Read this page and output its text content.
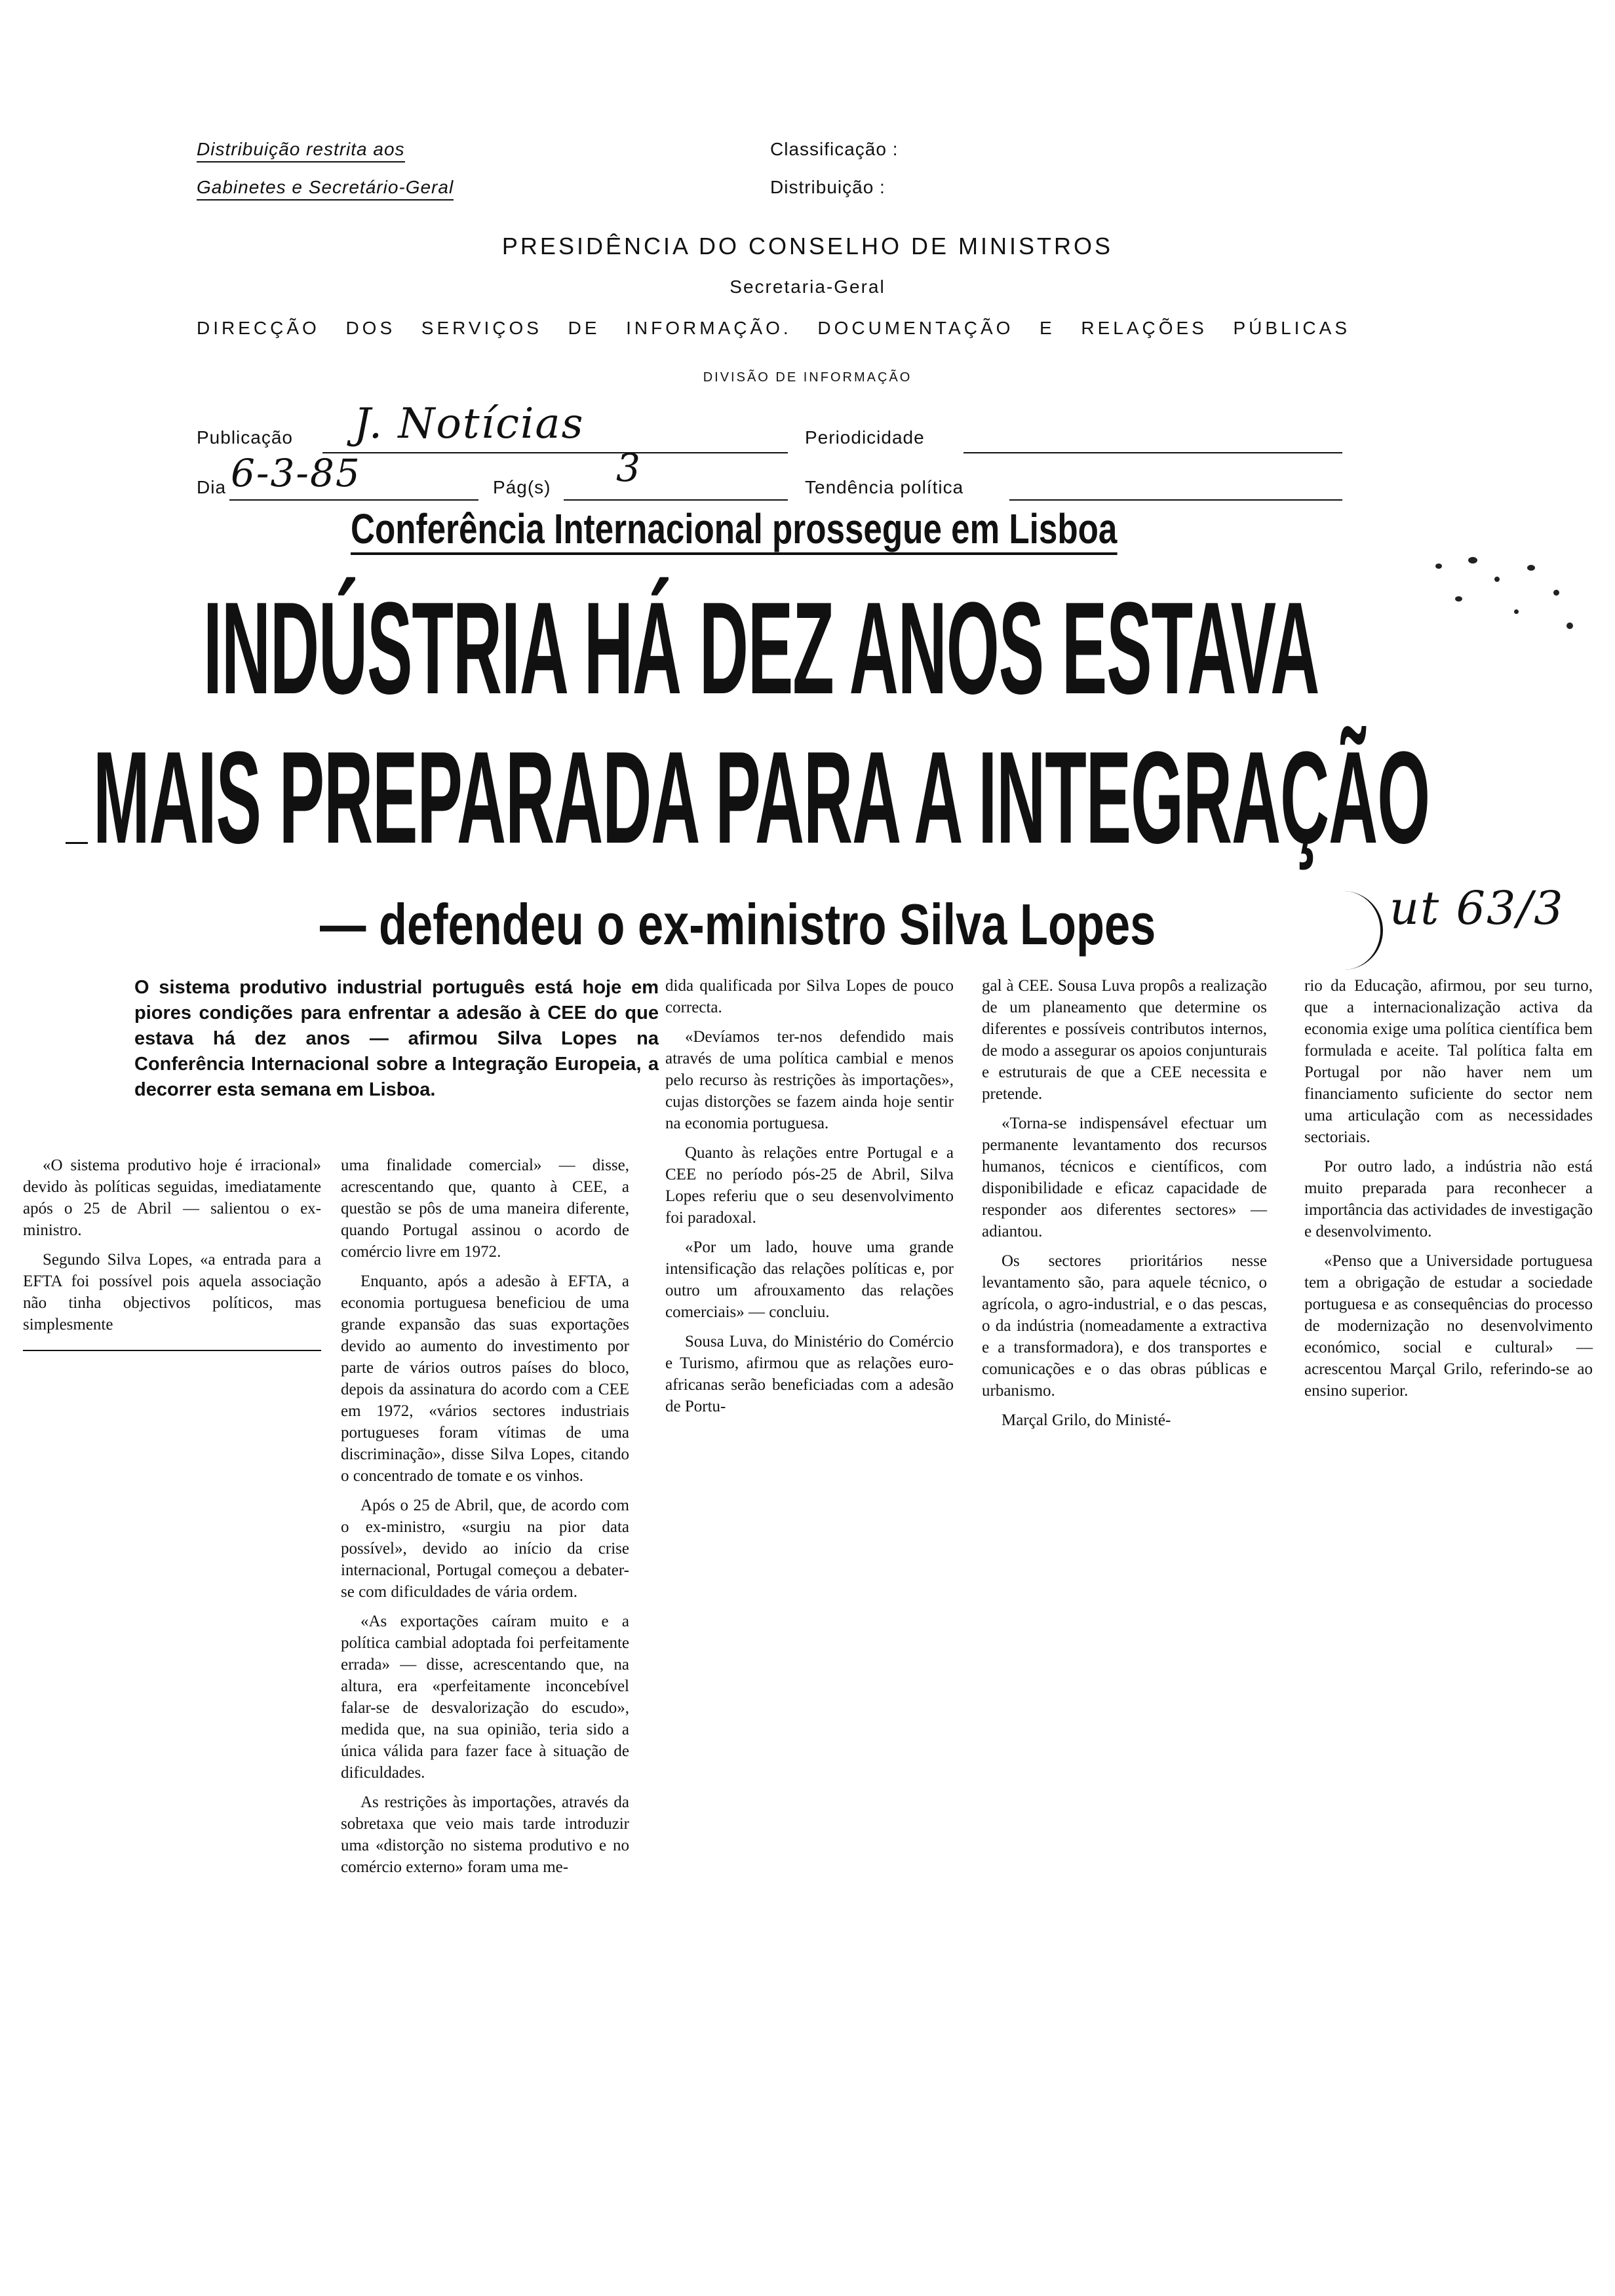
Distribuição restrita aos
Gabinetes e Secretário-Geral
Classificação :
Distribuição :
PRESIDÊNCIA DO CONSELHO DE MINISTROS
Secretaria-Geral
DIRECÇÃO DOS SERVIÇOS DE INFORMAÇÃO. DOCUMENTAÇÃO E RELAÇÕES PÚBLICAS
DIVISÃO DE INFORMAÇÃO
Publicação J. Notícias	Periodicidade
Dia 6-3-85	Pág(s) 3	Tendência política
Conferência Internacional prossegue em Lisboa
INDÚSTRIA HÁ DEZ ANOS ESTAVA
MAIS PREPARADA PARA A INTEGRAÇÃO
— defendeu o ex-ministro Silva Lopes	ut 63/3
O sistema produtivo industrial português está hoje em piores condições para enfrentar a adesão à CEE do que estava há dez anos — afirmou Silva Lopes na Conferência Internacional sobre a Integração Europeia, a decorrer esta semana em Lisboa.

«O sistema produtivo hoje é irracional» devido às políticas seguidas, imediatamente após o 25 de Abril — salientou o ex-ministro.

Segundo Silva Lopes, «a entrada para a EFTA foi possível pois aquela associação não tinha objectivos políticos, mas simplesmente

uma finalidade comercial» — disse, acrescentando que, quanto à CEE, a questão se pôs de uma maneira diferente, quando Portugal assinou o acordo de comércio livre em 1972.

Enquanto, após a adesão à EFTA, a economia portuguesa beneficiou de uma grande expansão das suas exportações devido ao aumento do investimento por parte de vários outros países do bloco, depois da assinatura do acordo com a CEE em 1972, «vários sectores industriais portugueses foram vítimas de uma discriminação», disse Silva Lopes, citando o concentrado de tomate e os vinhos.

Após o 25 de Abril, que, de acordo com o ex-ministro, «surgiu na pior data possível», devido ao início da crise internacional, Portugal começou a debater-se com dificuldades de vária ordem.

«As exportações caíram muito e a política cambial adoptada foi perfeitamente errada» — disse, acrescentando que, na altura, era «perfeitamente inconcebível falar-se de desvalorização do escudo», medida que, na sua opinião, teria sido a única válida para fazer face à situação de dificuldades.

As restrições às importações, através da sobretaxa que veio mais tarde introduzir uma «distorção no sistema produtivo e no comércio externo» foram uma me-

dida qualificada por Silva Lopes de pouco correcta.

«Devíamos ter-nos defendido mais através de uma política cambial e menos pelo recurso às restrições às importações», cujas distorções se fazem ainda hoje sentir na economia portuguesa.

Quanto às relações entre Portugal e a CEE no período pós-25 de Abril, Silva Lopes referiu que o seu desenvolvimento foi paradoxal.

«Por um lado, houve uma grande intensificação das relações políticas e, por outro um afrouxamento das relações comerciais» — concluiu.

Sousa Luva, do Ministério do Comércio e Turismo, afirmou que as relações euro-africanas serão beneficiadas com a adesão de Portu-

gal à CEE. Sousa Luva propôs a realização de um planeamento que determine os diferentes e possíveis contributos internos, de modo a assegurar os apoios conjunturais e estruturais de que a CEE necessita e pretende.

«Torna-se indispensável efectuar um permanente levantamento dos recursos humanos, técnicos e científicos, com disponibilidade e eficaz capacidade de responder aos diferentes sectores» — adiantou.

Os sectores prioritários nesse levantamento são, para aquele técnico, o agrícola, o agro-industrial, e o das pescas, o da indústria (nomeadamente a extractiva e a transformadora), e dos transportes e comunicações e o das obras públicas e urbanismo.

Marçal Grilo, do Ministé-

rio da Educação, afirmou, por seu turno, que a internacionalização activa da economia exige uma política científica bem formulada e aceite. Tal política falta em Portugal por não haver nem um financiamento suficiente do sector nem uma articulação com as necessidades sectoriais.

Por outro lado, a indústria não está muito preparada para reconhecer a importância das actividades de investigação e desenvolvimento.

«Penso que a Universidade portuguesa tem a obrigação de estudar a sociedade portuguesa e as consequências do processo de modernização no desenvolvimento económico, social e cultural» — acrescentou Marçal Grilo, referindo-se ao ensino superior.
